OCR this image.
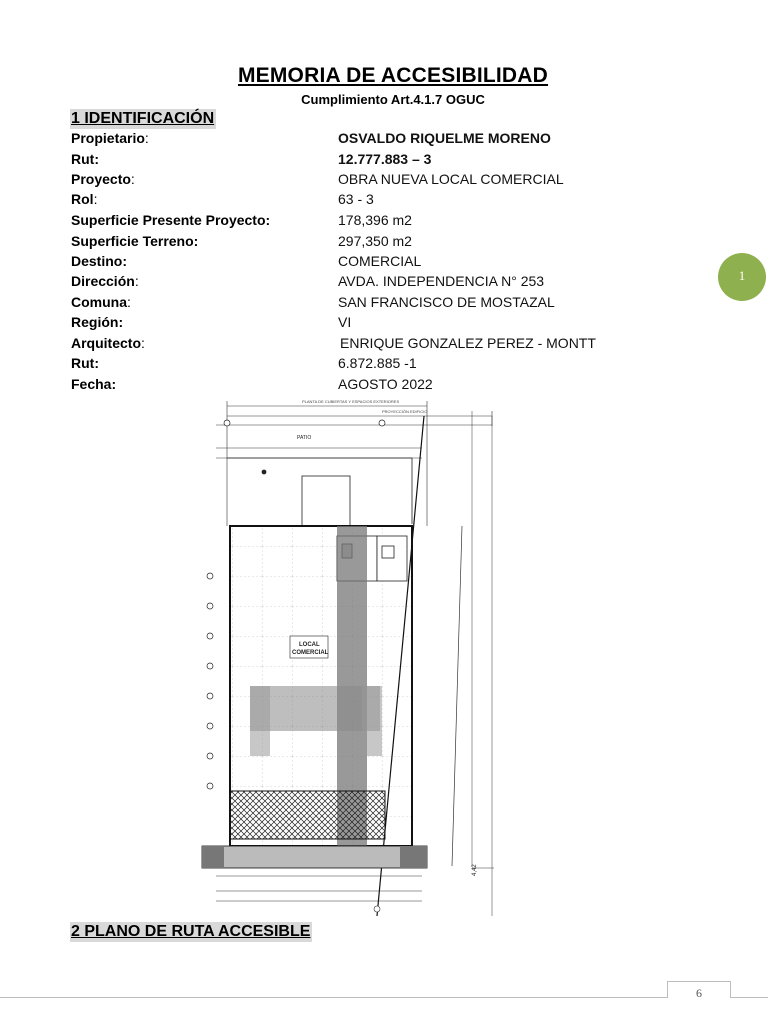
MEMORIA DE ACCESIBILIDAD
Cumplimiento Art.4.1.7 OGUC
1 IDENTIFICACIÓN
Propietario:	OSVALDO RIQUELME MORENO
Rut:	12.777.883 – 3
Proyecto:	OBRA NUEVA LOCAL COMERCIAL
Rol:	63 - 3
Superficie Presente Proyecto:	178,396 m2
Superficie Terreno:	297,350 m2
Destino:	COMERCIAL
Dirección:	AVDA. INDEPENDENCIA N° 253
Comuna:	SAN FRANCISCO DE MOSTAZAL
Región:	VI
Arquitecto:	ENRIQUE GONZALEZ PEREZ - MONTT
Rut:	6.872.885 -1
Fecha:	AGOSTO 2022
1
PLANTA DE CUBIERTAS Y ESPACIOS EXTERIORES
PROYECCIÓN EDIFICIO
PATIO
LOCAL
COMERCIAL
4,42
2 PLANO DE RUTA ACCESIBLE
6
